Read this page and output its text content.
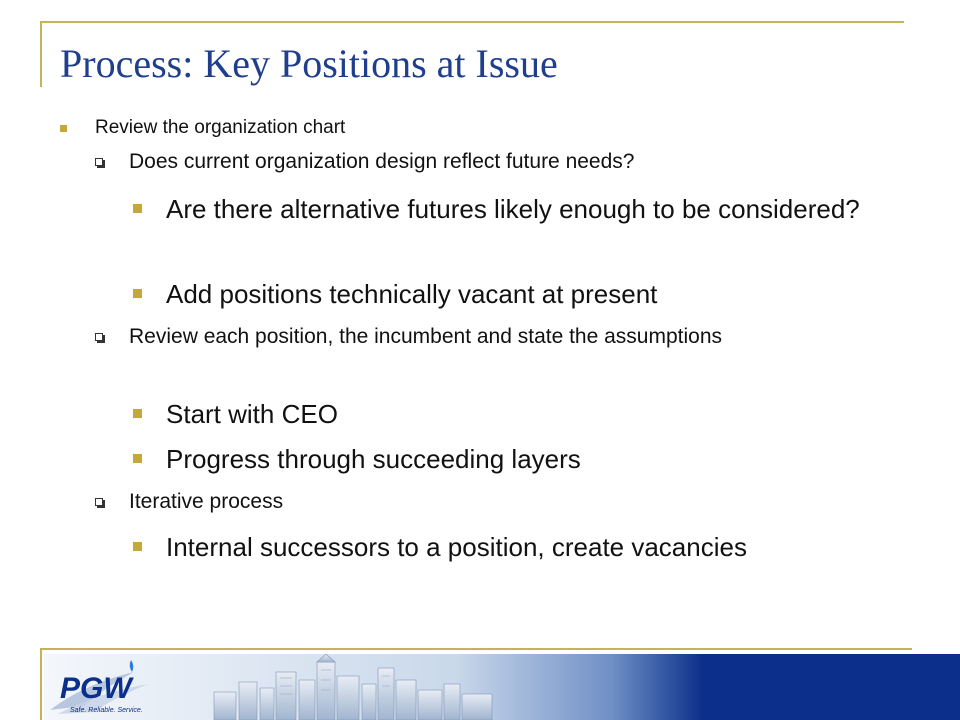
Process: Key Positions at Issue
Review the organization chart
Does current organization design reflect future needs?
Are there alternative futures likely enough to be considered?
Add positions technically vacant at present
Review each position, the incumbent and state the assumptions
Start with CEO
Progress through succeeding layers
Iterative process
Internal successors to a position, create vacancies
PGW
Safe. Reliable. Service.
